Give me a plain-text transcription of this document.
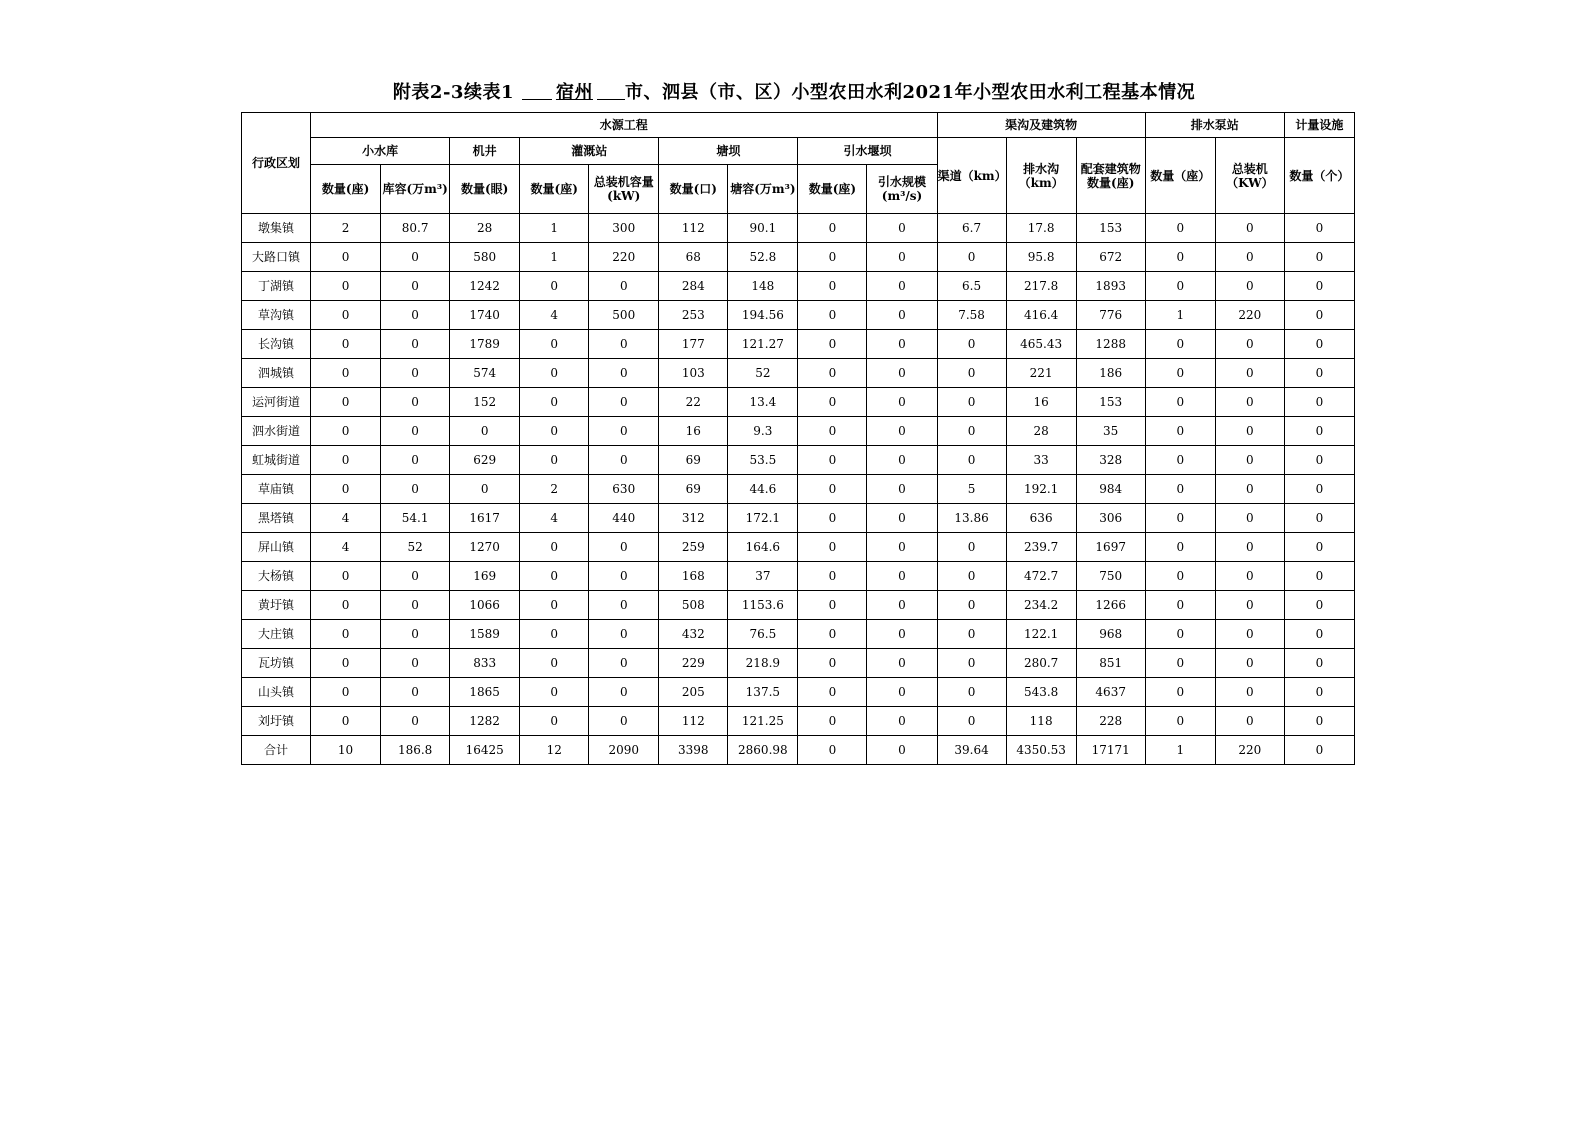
附表2-3续表1 宿州 市、泗县（市、区）小型农田水利2021年小型农田水利工程基本情况
行政区划	水源工程									渠沟及建筑物			排水泵站		计量设施
	小水库		机井	灌溉站		塘坝		引水堰坝		渠道（km）	排水沟（km）	配套建筑物数量(座)	数量（座）	总装机（KW）	数量（个）
	数量(座)	库容(万m³)	数量(眼)	数量(座)	总装机容量(kW)	数量(口)	塘容(万m³)	数量(座)	引水规模(m³/s)						
墩集镇	2	80.7	28	1	300	112	90.1	0	0	6.7	17.8	153	0	0	0
大路口镇	0	0	580	1	220	68	52.8	0	0	0	95.8	672	0	0	0
丁湖镇	0	0	1242	0	0	284	148	0	0	6.5	217.8	1893	0	0	0
草沟镇	0	0	1740	4	500	253	194.56	0	0	7.58	416.4	776	1	220	0
长沟镇	0	0	1789	0	0	177	121.27	0	0	0	465.43	1288	0	0	0
泗城镇	0	0	574	0	0	103	52	0	0	0	221	186	0	0	0
运河街道	0	0	152	0	0	22	13.4	0	0	0	16	153	0	0	0
泗水街道	0	0	0	0	0	16	9.3	0	0	0	28	35	0	0	0
虹城街道	0	0	629	0	0	69	53.5	0	0	0	33	328	0	0	0
草庙镇	0	0	0	2	630	69	44.6	0	0	5	192.1	984	0	0	0
黑塔镇	4	54.1	1617	4	440	312	172.1	0	0	13.86	636	306	0	0	0
屏山镇	4	52	1270	0	0	259	164.6	0	0	0	239.7	1697	0	0	0
大杨镇	0	0	169	0	0	168	37	0	0	0	472.7	750	0	0	0
黄圩镇	0	0	1066	0	0	508	1153.6	0	0	0	234.2	1266	0	0	0
大庄镇	0	0	1589	0	0	432	76.5	0	0	0	122.1	968	0	0	0
瓦坊镇	0	0	833	0	0	229	218.9	0	0	0	280.7	851	0	0	0
山头镇	0	0	1865	0	0	205	137.5	0	0	0	543.8	4637	0	0	0
刘圩镇	0	0	1282	0	0	112	121.25	0	0	0	118	228	0	0	0
合计	10	186.8	16425	12	2090	3398	2860.98	0	0	39.64	4350.53	17171	1	220	0
